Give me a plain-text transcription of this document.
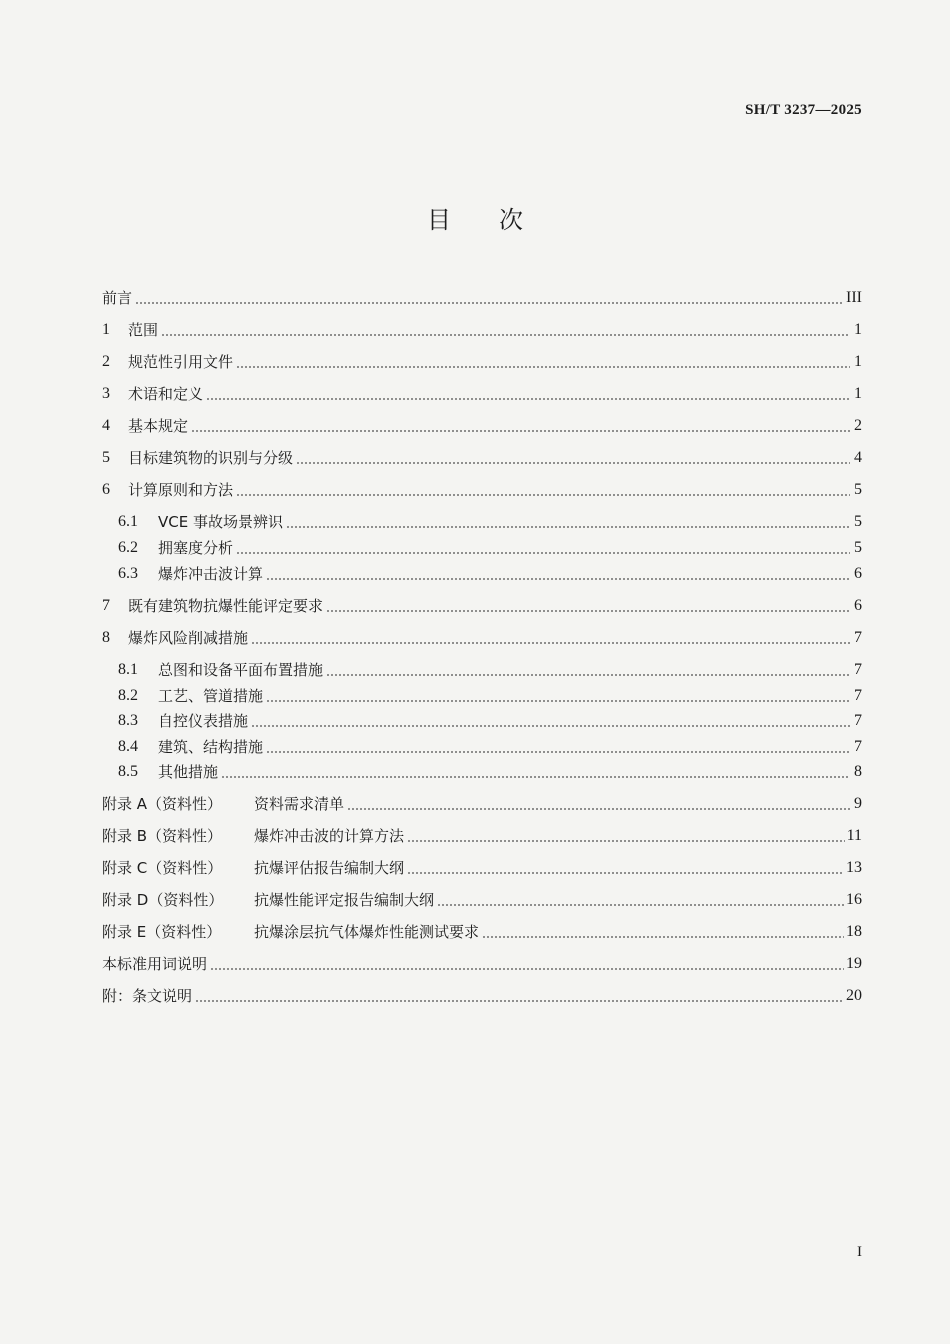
SH/T 3237—2025
目次
前言	III
1	范围	1
2	规范性引用文件	1
3	术语和定义	1
4	基本规定	2
5	目标建筑物的识别与分级	4
6	计算原则和方法	5
6.1	VCE 事故场景辨识	5
6.2	拥塞度分析	5
6.3	爆炸冲击波计算	6
7	既有建筑物抗爆性能评定要求	6
8	爆炸风险削减措施	7
8.1	总图和设备平面布置措施	7
8.2	工艺、管道措施	7
8.3	自控仪表措施	7
8.4	建筑、结构措施	7
8.5	其他措施	8
附录 A（资料性）	资料需求清单	9
附录 B（资料性）	爆炸冲击波的计算方法	11
附录 C（资料性）	抗爆评估报告编制大纲	13
附录 D（资料性）	抗爆性能评定报告编制大纲	16
附录 E（资料性）	抗爆涂层抗气体爆炸性能测试要求	18
本标准用词说明	19
附：条文说明	20
I
